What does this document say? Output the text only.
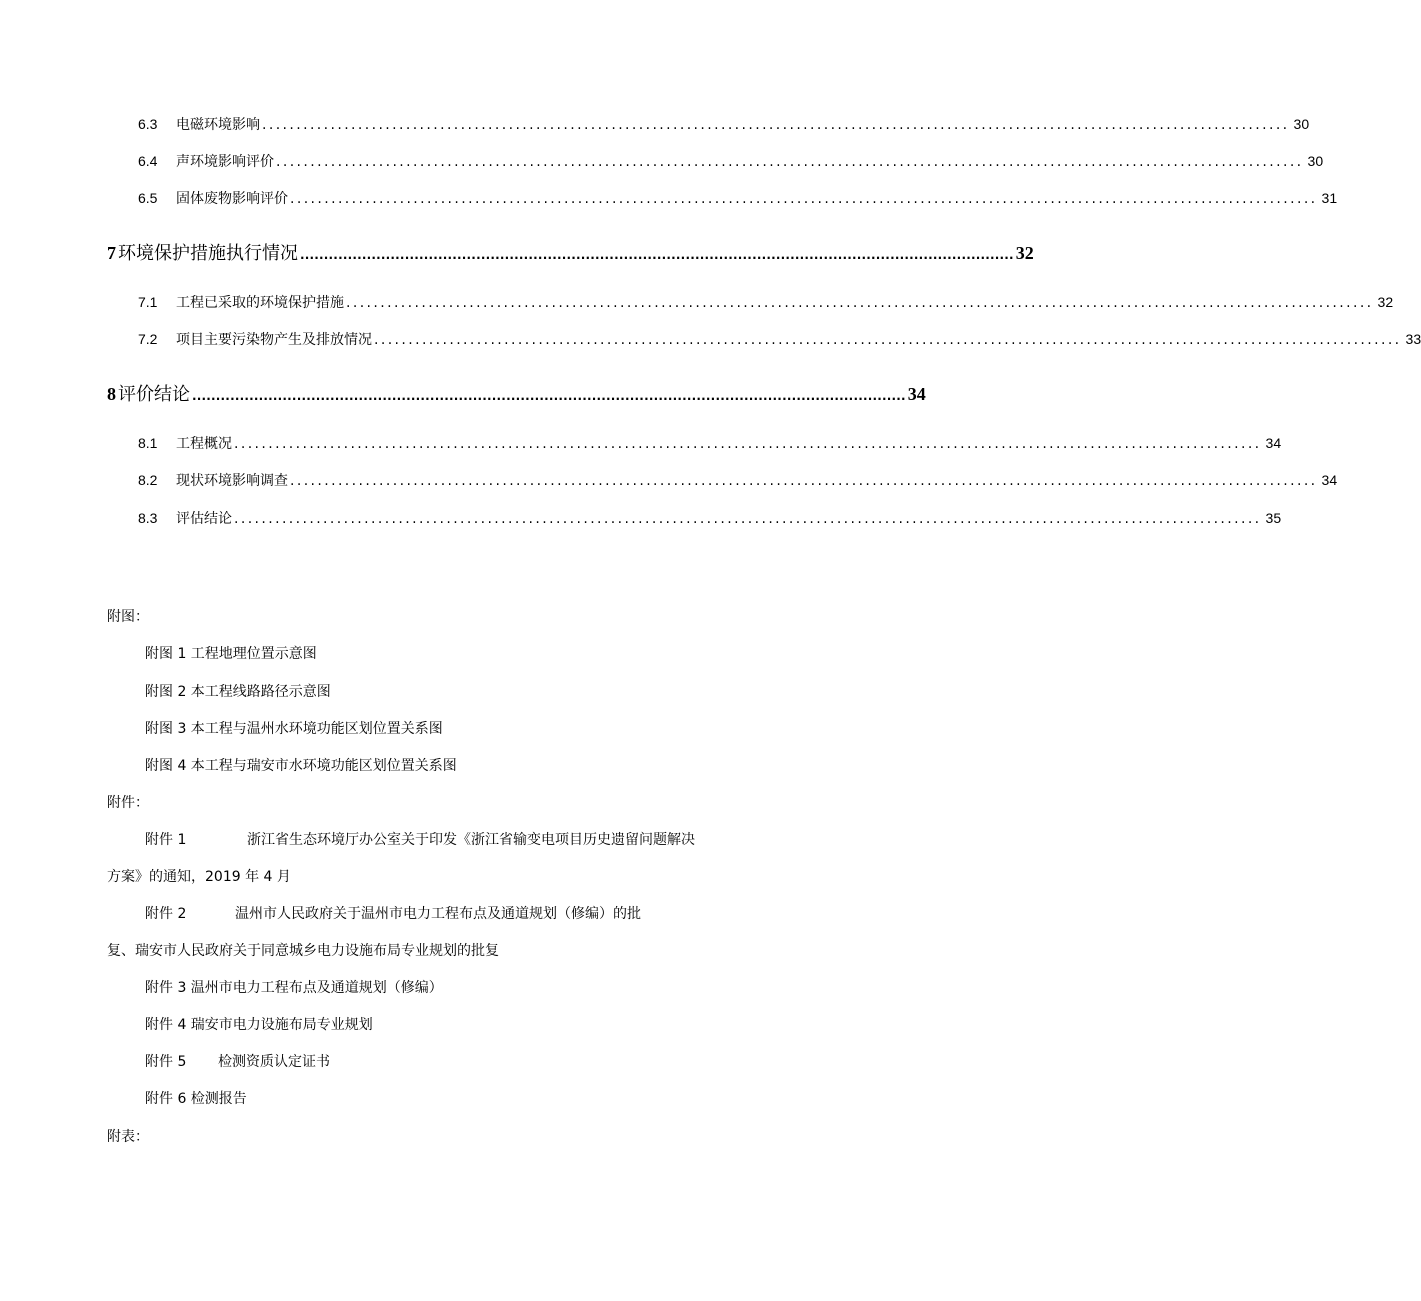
6.3	电磁环境影响 ...................................................................................................................................................... 30
6.4	声环境影响评价 ...................................................................................................................................................... 30
6.5	固体废物影响评价 ...................................................................................................................................................... 31
7 环境保护措施执行情况 ...................................................................................................................................................... 32
7.1	工程已采取的环境保护措施 ...................................................................................................................................................... 32
7.2	项目主要污染物产生及排放情况 ...................................................................................................................................................... 33
8 评价结论 ...................................................................................................................................................... 34
8.1	工程概况 ...................................................................................................................................................... 34
8.2	现状环境影响调查 ...................................................................................................................................................... 34
8.3	评估结论 ...................................................................................................................................................... 35
附图：
附图 1 工程地理位置示意图
附图 2 本工程线路路径示意图
附图 3 本工程与温州水环境功能区划位置关系图
附图 4 本工程与瑞安市水环境功能区划位置关系图
附件：
附件 1	浙江省生态环境厅办公室关于印发《浙江省输变电项目历史遗留问题解决
方案》的通知，2019 年 4 月
附件 2	温州市人民政府关于温州市电力工程布点及通道规划（修编）的批
复、瑞安市人民政府关于同意城乡电力设施布局专业规划的批复
附件 3 温州市电力工程布点及通道规划（修编）
附件 4 瑞安市电力设施布局专业规划
附件 5 检测资质认定证书
附件 6 检测报告
附表：
